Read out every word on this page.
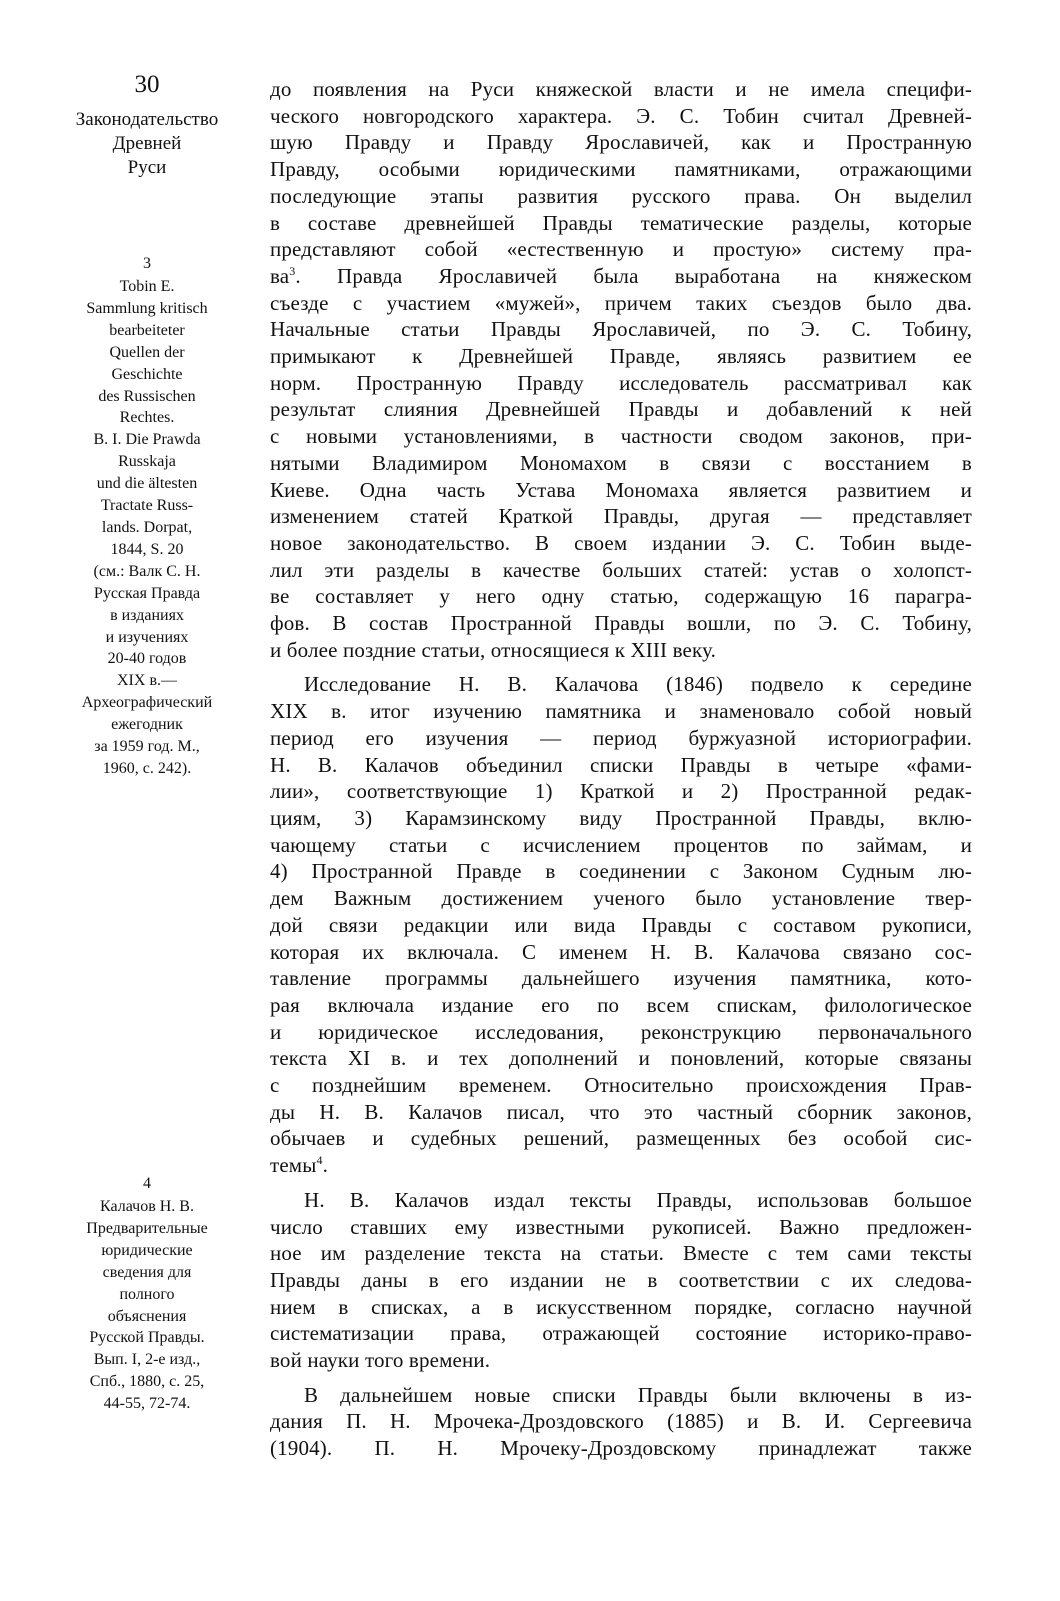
30

Законодательство

Древней

Руси

3

Tobin E.
Sammlung kritisch
bearbeiteter
Quellen der
Geschichte
des Russischen
Rechtes.
B. I. Die Prawda
Russkaja
und die ältesten
Tractate Russ-
lands. Dorpat,
1844, S. 20
(см.: Валк С. Н.
Русская Правда
в изданиях
и изучениях
20-40 годов
XIX в.—
Археографический
ежегодник
за 1959 год. М.,
1960, с. 242).

4

Калачов Н. В.
Предварительные
юридические
сведения для
полного
объяснения
Русской Правды.
Вып. I, 2-е изд.,
Спб., 1880, с. 25,
44-55, 72-74.

до появления на Руси княжеской власти и не имела специфи-
ческого новгородского характера. Э. С. Тобин считал Древней-
шую Правду и Правду Ярославичей, как и Пространную
Правду, особыми юридическими памятниками, отражающими
последующие этапы развития русского права. Он выделил
в составе древнейшей Правды тематические разделы, которые
представляют собой «естественную и простую» систему пра-
$ва^3$. Правда Ярославичей была выработана на княжеском
съезде с участием «мужей», причем таких съездов было два.
Начальные статьи Правды Ярославичей, по Э. С. Тобину,
примыкают к Древнейшей Правде, являясь развитием ее
норм. Пространную Правду исследователь рассматривал как
результат слияния Древнейшей Правды и добавлений к ней
с новыми установлениями, в частности сводом законов, при-
нятыми Владимиром Мономахом в связи с восстанием в
Киеве. Одна часть Устава Мономаха является развитием и
изменением статей Краткой Правды, другая — представляет
новое законодательство. В своем издании Э. С. Тобин выде-
лил эти разделы в качестве больших статей: устав о холопст-
ве составляет у него одну статью, содержащую 16 парагра-
фов. В состав Пространной Правды вошли, по Э. С. Тобину,
и более поздние статьи, относящиеся к XIII веку.

Исследование Н. В. Калачова (1846) подвело к середине
XIX в. итог изучению памятника и знаменовало собой новый
период его изучения — период буржуазной историографии.
Н. В. Калачов объединил списки Правды в четыре «фами-
лии», соответствующие 1) Краткой и 2) Пространной редак-
циям, 3) Карамзинскому виду Пространной Правды, вклю-
чающему статьи с исчислением процентов по займам, и
4) Пространной Правде в соединении с Законом Судным лю-
дем Важным достижением ученого было установление твер-
дой связи редакции или вида Правды с составом рукописи,
которая их включала. С именем Н. В. Калачова связано сос-
тавление программы дальнейшего изучения памятника, кото-
рая включала издание его по всем спискам, филологическое
и юридическое исследования, реконструкцию первоначального
текста XI в. и тех дополнений и поновлений, которые связаны
с позднейшим временем. Относительно происхождения Прав-
ды Н. В. Калачов писал, что это частный сборник законов,
обычаев и судебных решений, размещенных без особой сис-
темы$^4$.

Н. В. Калачов издал тексты Правды, использовав большое
число ставших ему известными рукописей. Важно предложен-
ное им разделение текста на статьи. Вместе с тем сами тексты
Правды даны в его издании не в соответствии с их следова-
нием в списках, а в искусственном порядке, согласно научной
систематизации права, отражающей состояние историко-право-
вой науки того времени.

В дальнейшем новые списки Правды были включены в из-
дания П. Н. Мрочека-Дроздовского (1885) и В. И. Сергеевича
(1904). П. Н. Мрочеку-Дроздовскому принадлежат также
